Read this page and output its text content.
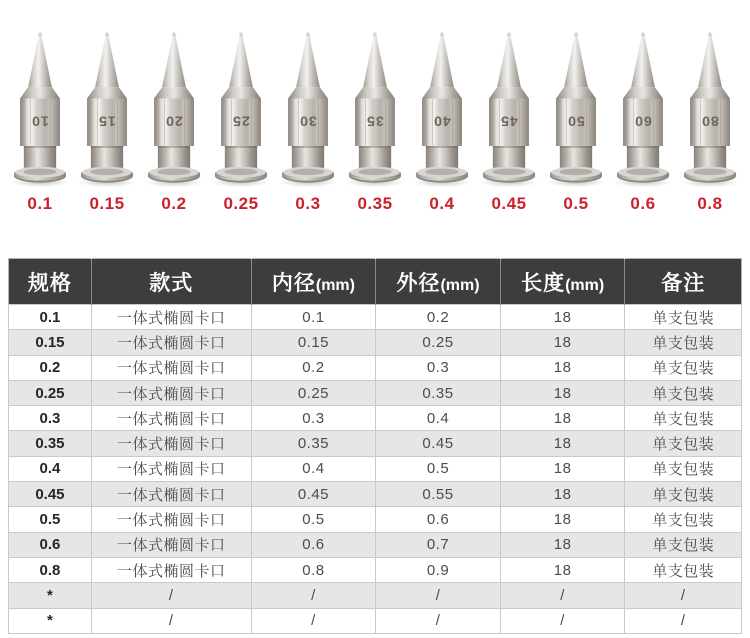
10
0.1
15
0.15
20
0.2
25
0.25
30
0.3
35
0.35
40
0.4
45
0.45
50
0.5
60
0.6
80
0.8
规格	款式	内径(mm)	外径(mm)	长度(mm)	备注
0.1	一体式椭圆卡口	0.1	0.2	18	单支包装
0.15	一体式椭圆卡口	0.15	0.25	18	单支包装
0.2	一体式椭圆卡口	0.2	0.3	18	单支包装
0.25	一体式椭圆卡口	0.25	0.35	18	单支包装
0.3	一体式椭圆卡口	0.3	0.4	18	单支包装
0.35	一体式椭圆卡口	0.35	0.45	18	单支包装
0.4	一体式椭圆卡口	0.4	0.5	18	单支包装
0.45	一体式椭圆卡口	0.45	0.55	18	单支包装
0.5	一体式椭圆卡口	0.5	0.6	18	单支包装
0.6	一体式椭圆卡口	0.6	0.7	18	单支包装
0.8	一体式椭圆卡口	0.8	0.9	18	单支包装
*	/	/	/	/	/
*	/	/	/	/	/
